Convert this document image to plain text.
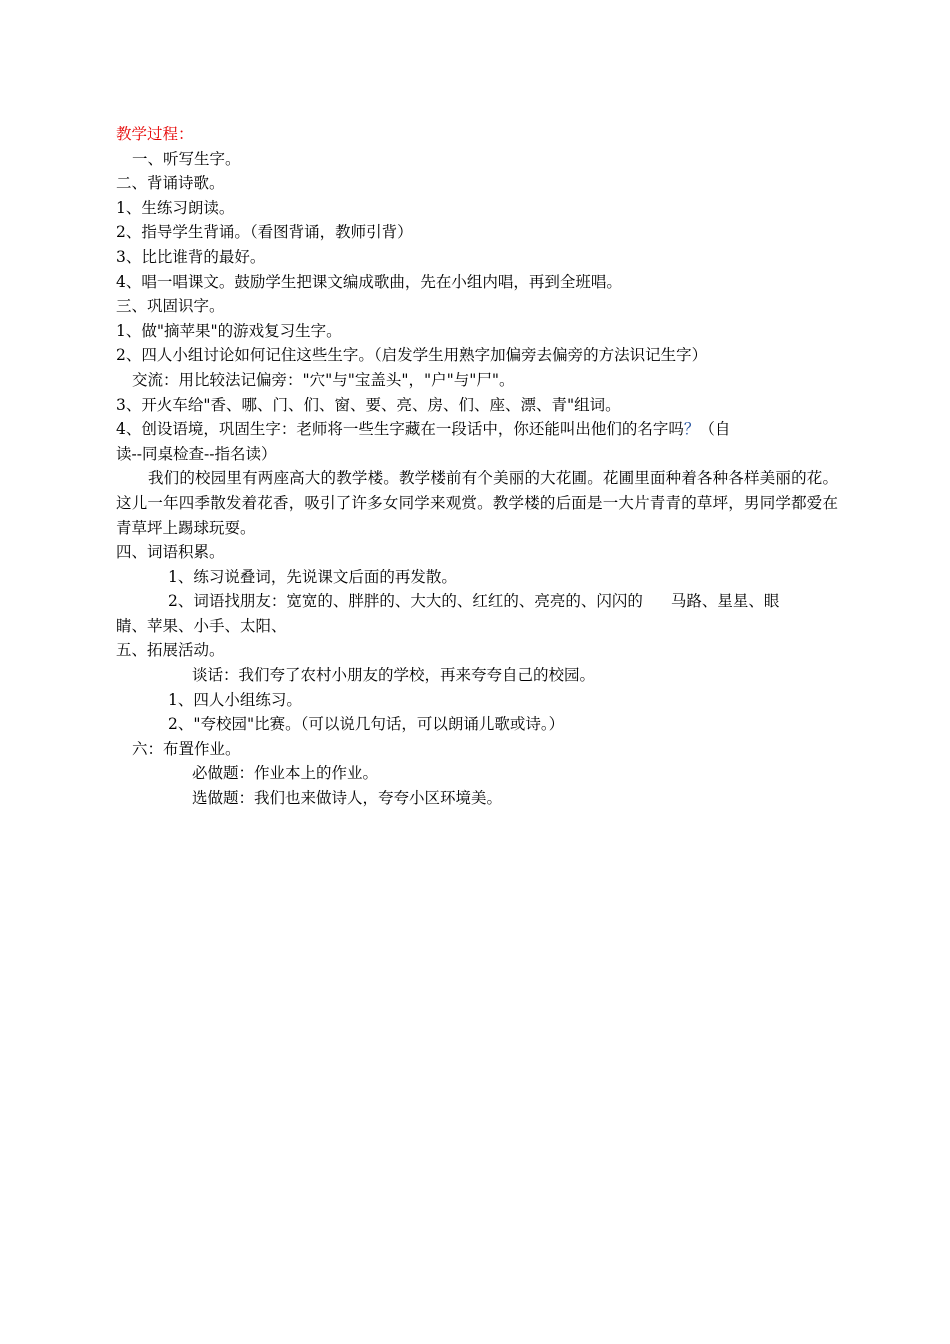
教学过程：
一、听写生字。
二、背诵诗歌。
1、生练习朗读。
2、指导学生背诵。（看图背诵，教师引背）
3、比比谁背的最好。
4、唱一唱课文。鼓励学生把课文编成歌曲，先在小组内唱，再到全班唱。
三、巩固识字。
1、做"摘苹果"的游戏复习生字。
2、四人小组讨论如何记住这些生字。（启发学生用熟字加偏旁去偏旁的方法识记生字）
交流：用比较法记偏旁："穴"与"宝盖头"，"户"与"尸"。
3、开火车给"香、哪、门、们、窗、要、亮、房、们、座、漂、青"组词。
4、创设语境，巩固生字：老师将一些生字藏在一段话中，你还能叫出他们的名字吗？（自
读--同桌检查--指名读）
我们的校园里有两座高大的教学楼。教学楼前有个美丽的大花圃。花圃里面种着各种各样美丽的花。这儿一年四季散发着花香，吸引了许多女同学来观赏。教学楼的后面是一大片青青的草坪，男同学都爱在青草坪上踢球玩耍。
四、词语积累。
1、练习说叠词，先说课文后面的再发散。
2、词语找朋友：宽宽的、胖胖的、大大的、红红的、亮亮的、闪闪的 马路、星星、眼
睛、苹果、小手、太阳、
五、拓展活动。
谈话：我们夸了农村小朋友的学校，再来夸夸自己的校园。
1、四人小组练习。
2、"夸校园"比赛。（可以说几句话，可以朗诵儿歌或诗。）
六：布置作业。
必做题：作业本上的作业。
选做题：我们也来做诗人，夸夸小区环境美。
